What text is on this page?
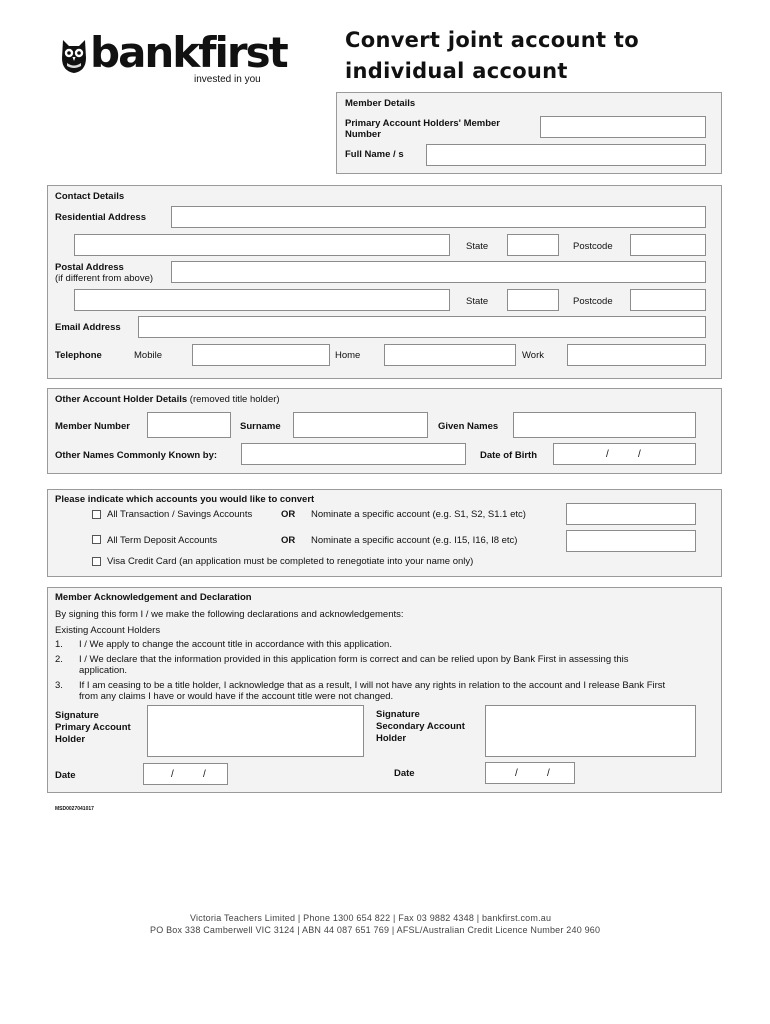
bankfirst
invested in you
Convert joint account to
individual account
Member Details
Primary Account Holders' Member Number
Full Name / s
Contact Details
Residential Address
State	Postcode
Postal Address
(if different from above)
State	Postcode
Email Address
Telephone	Mobile	Home	Work
Other Account Holder Details (removed title holder)
Member Number	Surname	Given Names
Other Names Commonly Known by:	Date of Birth	/	/
Please indicate which accounts you would like to convert
All Transaction / Savings Accounts	OR Nominate a specific account (e.g. S1, S2, S1.1 etc)
All Term Deposit Accounts	OR Nominate a specific account (e.g. I15, I16, I8 etc)
Visa Credit Card (an application must be completed to renegotiate into your name only)
Member Acknowledgement and Declaration
By signing this form I / we make the following declarations and acknowledgements:
Existing Account Holders
1. I / We apply to change the account title in accordance with this application.
2. I / We declare that the information provided in this application form is correct and can be relied upon by Bank First in assessing this
application.
3. If I am ceasing to be a title holder, I acknowledge that as a result, I will not have any rights in relation to the account and I release Bank First
from any claims I have or would have if the account title were not changed.
Signature
Primary Account
Holder
Signature
Secondary Account
Holder
Date	/	/	Date	/	/
MSD0027041017
Victoria Teachers Limited | Phone 1300 654 822 | Fax 03 9882 4348 | bankfirst.com.au
PO Box 338 Camberwell VIC 3124 | ABN 44 087 651 769 | AFSL/Australian Credit Licence Number 240 960
